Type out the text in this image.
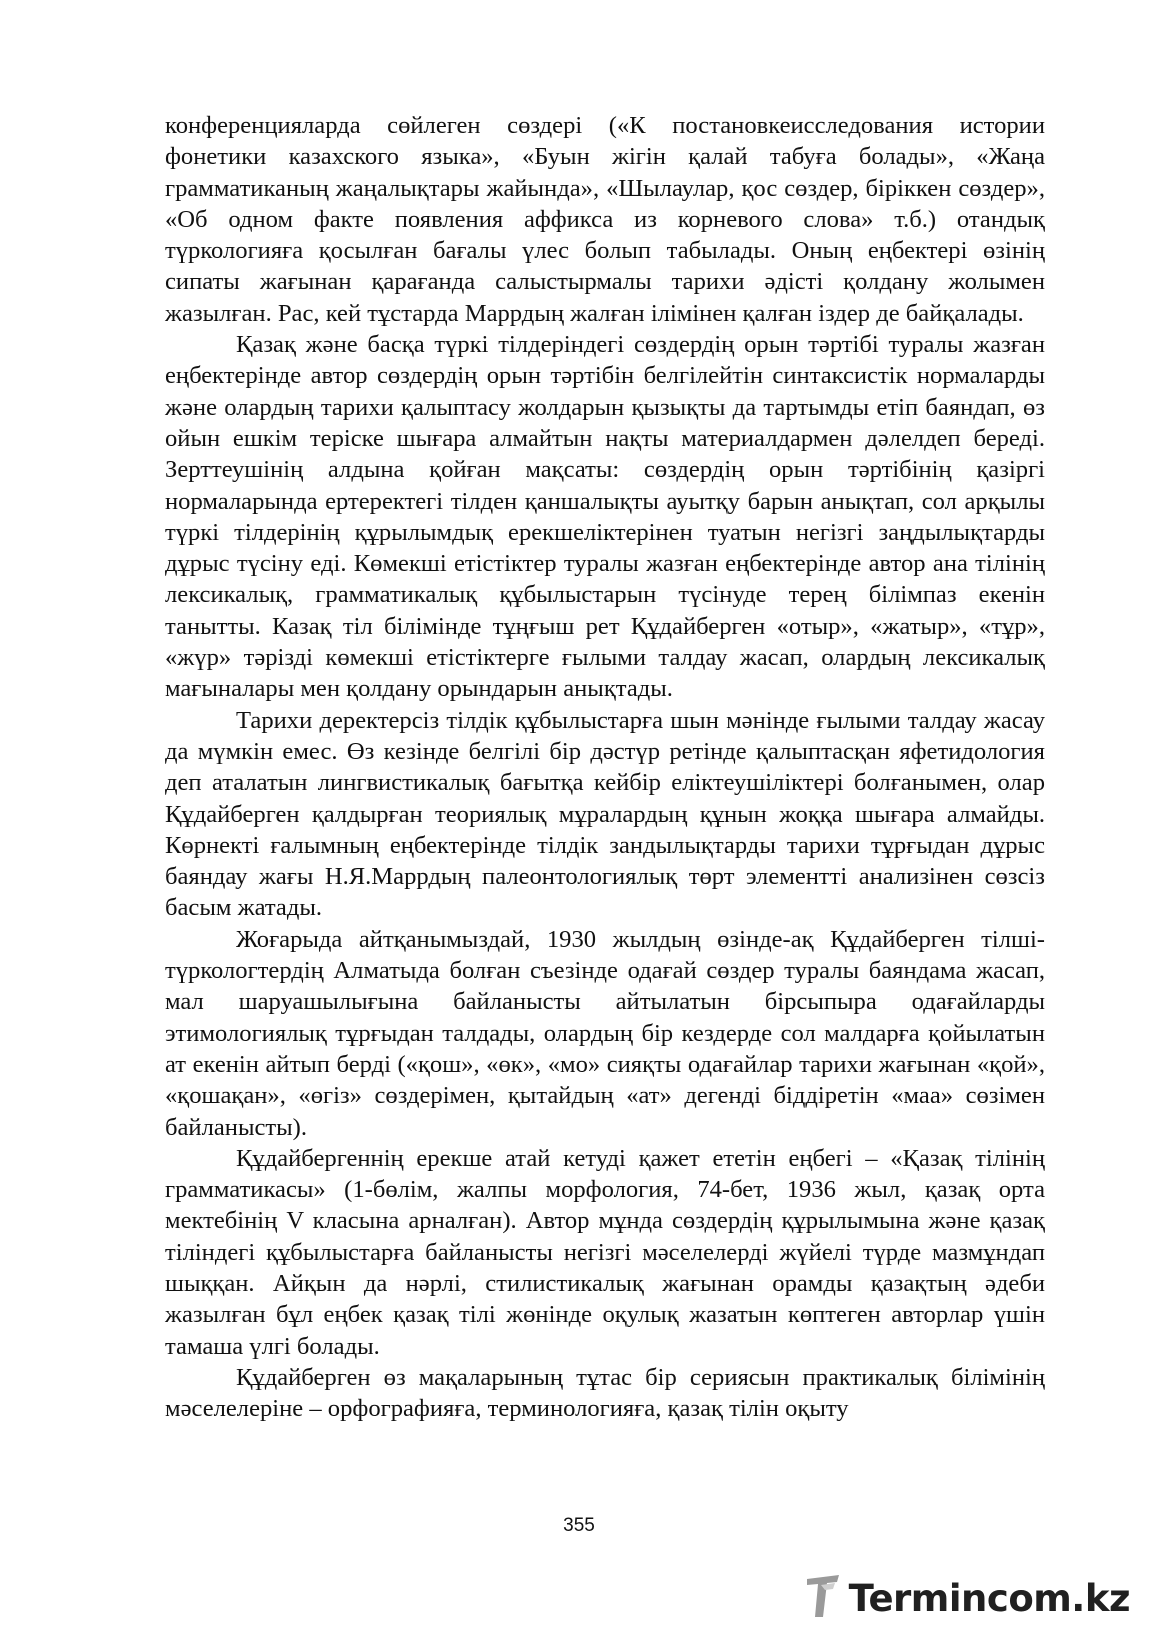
конференцияларда сөйлеген сөздері («К постановкеисследования истории фонетики казахского языка», «Буын жігін қалай табуға болады», «Жаңа грамматиканың жаңалықтары жайында», «Шылаулар, қос сөздер, біріккен сөздер», «Об одном факте появления аффикса из корневого слова» т.б.) отандық түркологияға қосылған бағалы үлес болып табылады. Оның еңбектері өзінің сипаты жағынан қарағанда салыстырмалы тарихи әдісті қолдану жолымен жазылған. Рас, кей тұстарда Маррдың жалған ілімінен қалған іздер де байқалады.

Қазақ және басқа түркі тілдеріндегі сөздердің орын тәртібі туралы жазған еңбектерінде автор сөздердің орын тәртібін белгілейтін синтаксистік нормаларды және олардың тарихи қалыптасу жолдарын қызықты да тартымды етіп баяндап, өз ойын ешкім теріске шығара алмайтын нақты материалдармен дәлелдеп береді. Зерттеушінің алдына қойған мақсаты: сөздердің орын тәртібінің қазіргі нормаларында ертеректегі тілден қаншалықты ауытқу барын анықтап, сол арқылы түркі тілдерінің құрылымдық ерекшеліктерінен туатын негізгі заңдылықтарды дұрыс түсіну еді. Көмекші етістіктер туралы жазған еңбектерінде автор ана тілінің лексикалық, грамматикалық құбылыстарын түсінуде терең білімпаз екенін танытты. Казақ тіл білімінде тұңғыш рет Құдайберген «отыр», «жатыр», «тұр», «жүр» тәрізді көмекші етістіктерге ғылыми талдау жасап, олардың лексикалық мағыналары мен қолдану орындарын анықтады.

Тарихи деректерсіз тілдік құбылыстарға шын мәнінде ғылыми талдау жасау да мүмкін емес. Өз кезінде белгілі бір дәстүр ретінде қалыптасқан яфетидология деп аталатын лингвистикалық бағытқа кейбір еліктеушіліктері болғанымен, олар Құдайберген қалдырған теориялық мұралардың құнын жоққа шығара алмайды. Көрнекті ғалымның еңбектерінде тілдік зандылықтарды тарихи тұрғыдан дұрыс баяндау жағы Н.Я.Маррдың палеонтологиялық төрт элементті анализінен сөзсіз басым жатады.

Жоғарыда айтқанымыздай, 1930 жылдың өзінде-ақ Құдайберген тілші-түркологтердің Алматыда болған съезінде одағай сөздер туралы баяндама жасап, мал шаруашылығына байланысты айтылатын бірсыпыра одағайларды этимологиялық тұрғыдан талдады, олардың бір кездерде сол малдарға қойылатын ат екенін айтып берді («қош», «өк», «мо» сияқты одағайлар тарихи жағынан «қой», «қошақан», «өгіз» сөздерімен, қытайдың «ат» дегенді біддіретін «маа» сөзімен байланысты).

Құдайбергеннің ерекше атай кетуді қажет ететін еңбегі – «Қазақ тілінің грамматикасы» (1-бөлім, жалпы морфология, 74-бет, 1936 жыл, қазақ орта мектебінің V класына арналған). Автор мұнда сөздердің құрылымына және қазақ тіліндегі құбылыстарға байланысты негізгі мәселелерді жүйелі түрде мазмұндап шыққан. Айқын да нәрлі, стилистикалық жағынан орамды қазақтың әдеби жазылған бұл еңбек қазақ тілі жөнінде оқулық жазатын көптеген авторлар үшін тамаша үлгі болады.

Құдайберген өз мақаларының тұтас бір сериясын практикалық білімінің мәселелеріне – орфографияға, терминологияға, қазақ тілін оқыту

355
Termincom.kz
